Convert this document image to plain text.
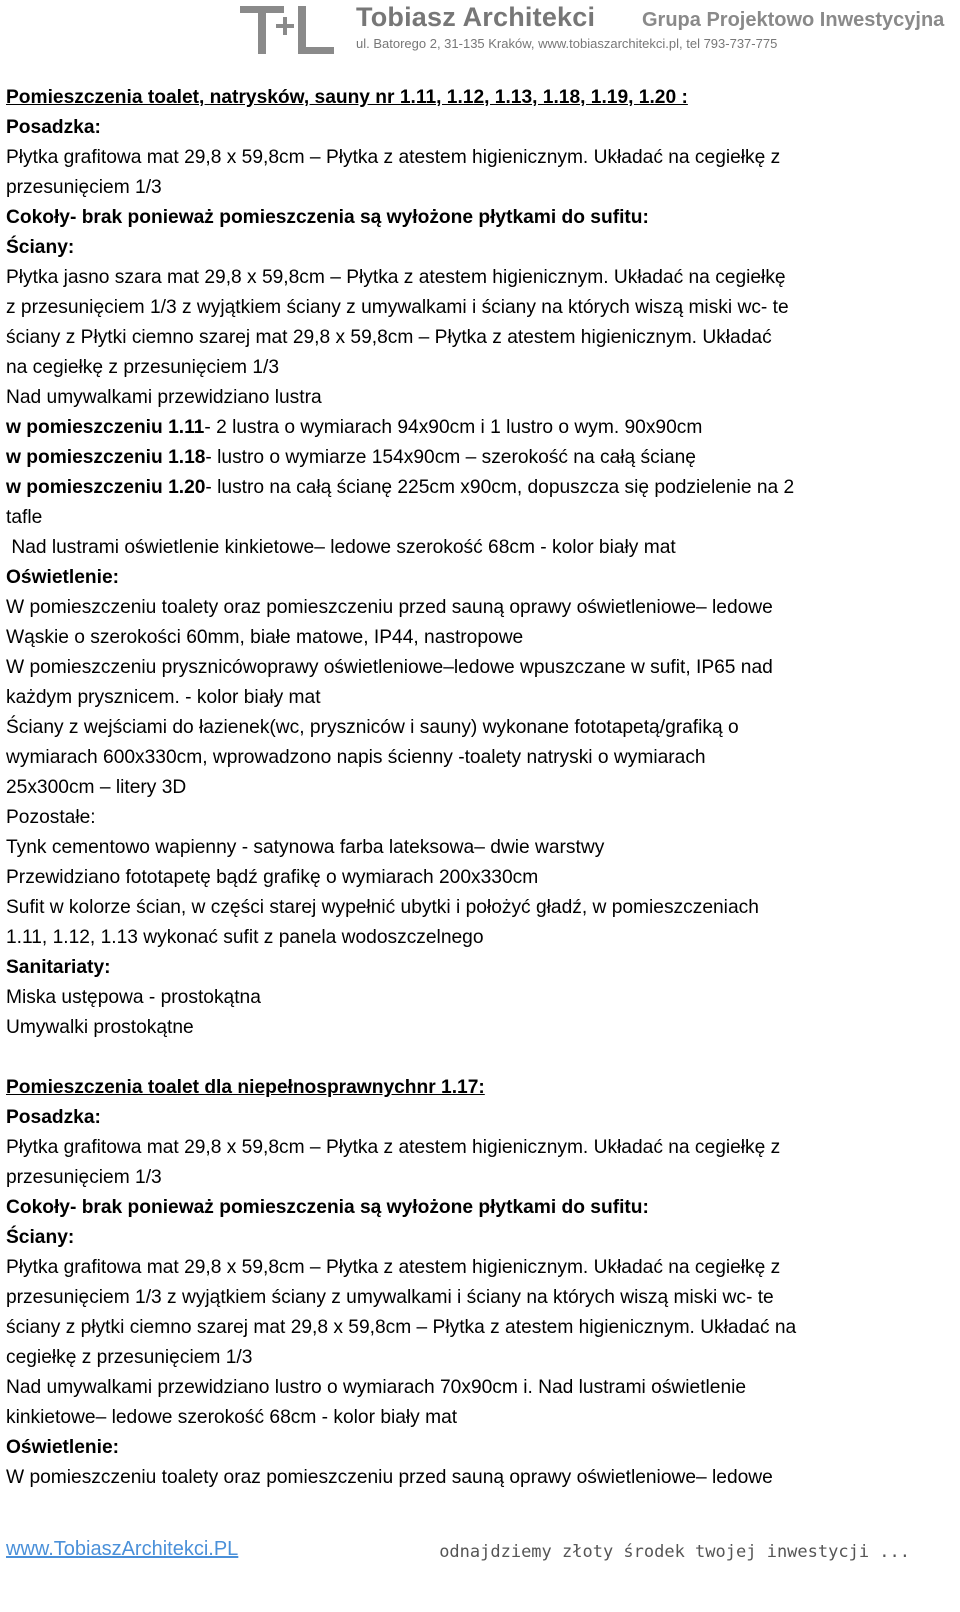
Tobiasz Architekci Grupa Projektowo Inwestycyjna
ul. Batorego 2, 31-135 Kraków, www.tobiaszarchitekci.pl, tel 793-737-775
Pomieszczenia toalet, natrysków, sauny nr 1.11, 1.12, 1.13, 1.18, 1.19, 1.20 :
Posadzka:
Płytka grafitowa mat 29,8 x 59,8cm – Płytka z atestem higienicznym. Układać na cegiełkę z
przesunięciem 1/3
Cokoły- brak ponieważ pomieszczenia są wyłożone płytkami do sufitu:
Ściany:
Płytka jasno szara mat 29,8 x 59,8cm – Płytka z atestem higienicznym. Układać na cegiełkę
z przesunięciem 1/3 z wyjątkiem ściany z umywalkami i ściany na których wiszą miski wc- te
ściany z Płytki ciemno szarej mat 29,8 x 59,8cm – Płytka z atestem higienicznym. Układać
na cegiełkę z przesunięciem 1/3
Nad umywalkami przewidziano lustra
w pomieszczeniu 1.11- 2 lustra o wymiarach 94x90cm i 1 lustro o wym. 90x90cm
w pomieszczeniu 1.18- lustro o wymiarze 154x90cm – szerokość na całą ścianę
w pomieszczeniu 1.20- lustro na całą ścianę 225cm x90cm, dopuszcza się podzielenie na 2
tafle
Nad lustrami oświetlenie kinkietowe– ledowe szerokość 68cm - kolor biały mat
Oświetlenie:
W pomieszczeniu toalety oraz pomieszczeniu przed sauną oprawy oświetleniowe– ledowe
Wąskie o szerokości 60mm, białe matowe, IP44, nastropowe
W pomieszczeniu prysznicówoprawy oświetleniowe–ledowe wpuszczane w sufit, IP65 nad
każdym prysznicem. - kolor biały mat
Ściany z wejściami do łazienek(wc, pryszniców i sauny) wykonane fototapetą/grafiką o
wymiarach 600x330cm, wprowadzono napis ścienny -toalety natryski o wymiarach
25x300cm – litery 3D
Pozostałe:
Tynk cementowo wapienny - satynowa farba lateksowa– dwie warstwy
Przewidziano fototapetę bądź grafikę o wymiarach 200x330cm
Sufit w kolorze ścian, w części starej wypełnić ubytki i położyć gładź, w pomieszczeniach
1.11, 1.12, 1.13 wykonać sufit z panela wodoszczelnego
Sanitariaty:
Miska ustępowa - prostokątna
Umywalki prostokątne
Pomieszczenia toalet dla niepełnosprawnychnr 1.17:
Posadzka:
Płytka grafitowa mat 29,8 x 59,8cm – Płytka z atestem higienicznym. Układać na cegiełkę z
przesunięciem 1/3
Cokoły- brak ponieważ pomieszczenia są wyłożone płytkami do sufitu:
Ściany:
Płytka grafitowa mat 29,8 x 59,8cm – Płytka z atestem higienicznym. Układać na cegiełkę z
przesunięciem 1/3 z wyjątkiem ściany z umywalkami i ściany na których wiszą miski wc- te
ściany z płytki ciemno szarej mat 29,8 x 59,8cm – Płytka z atestem higienicznym. Układać na
cegiełkę z przesunięciem 1/3
Nad umywalkami przewidziano lustro o wymiarach 70x90cm i. Nad lustrami oświetlenie
kinkietowe– ledowe szerokość 68cm - kolor biały mat
Oświetlenie:
W pomieszczeniu toalety oraz pomieszczeniu przed sauną oprawy oświetleniowe– ledowe
www.TobiaszArchitekci.PL	odnajdziemy złoty środek twojej inwestycji ...
